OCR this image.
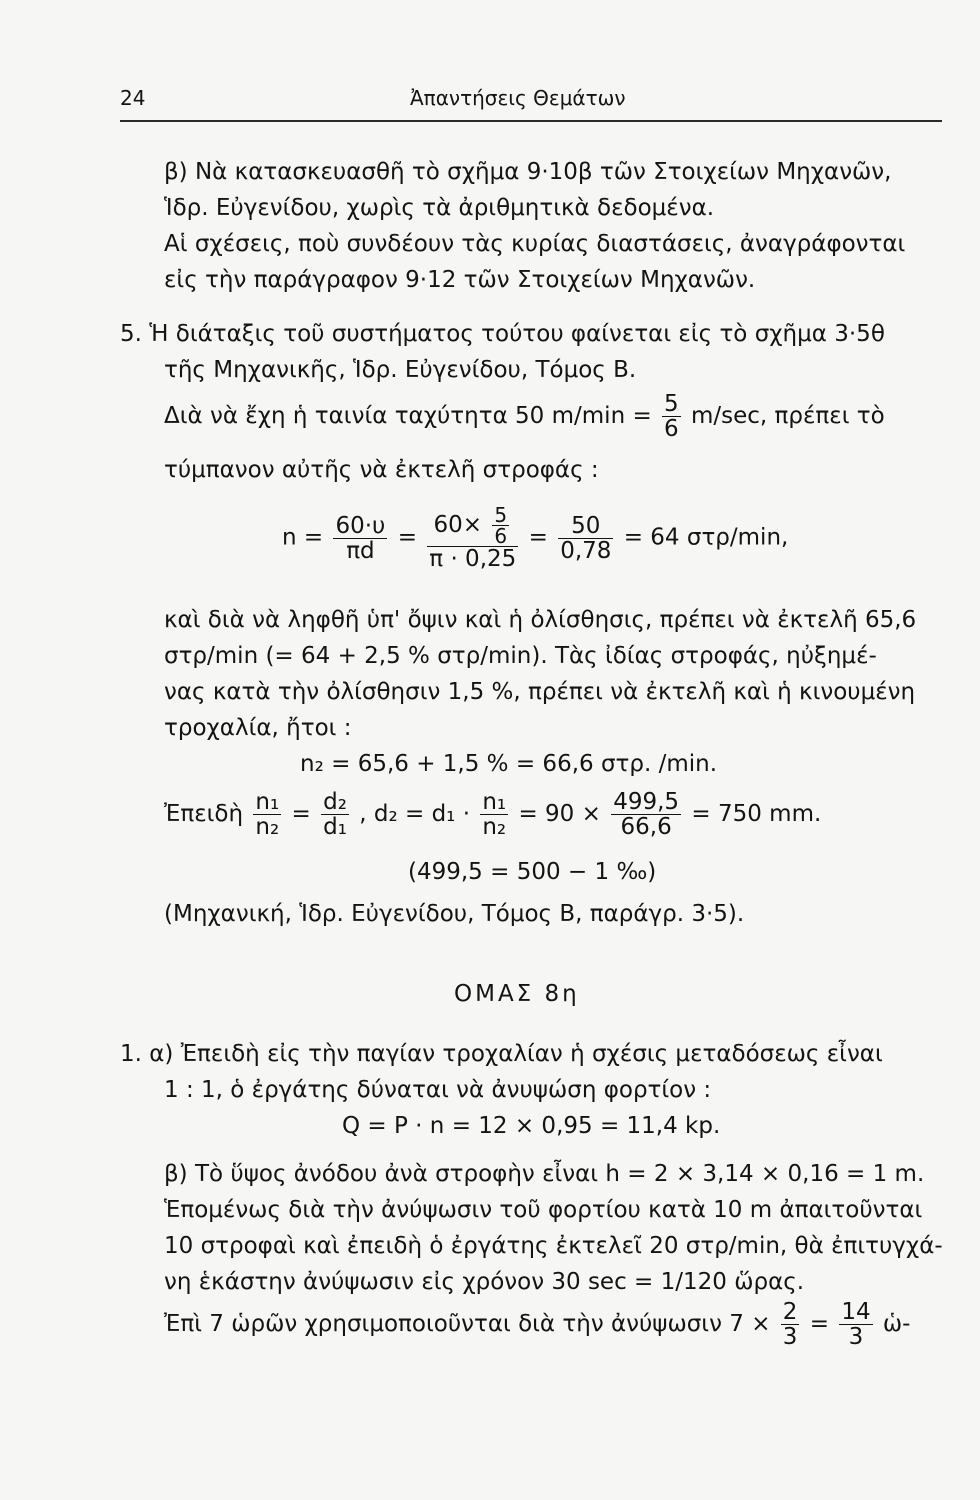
24	Ἀπαντήσεις Θεμάτων
β) Νὰ κατασκευασθῆ τὸ σχῆμα 9·10β τῶν Στοιχείων Μηχανῶν,
Ἱδρ. Εὐγενίδου, χωρὶς τὰ ἀριθμητικὰ δεδομένα.
Αἱ σχέσεις, ποὺ συνδέουν τὰς κυρίας διαστάσεις, ἀναγράφονται
εἰς τὴν παράγραφον 9·12 τῶν Στοιχείων Μηχανῶν.
5. Ἡ διάταξις τοῦ συστήματος τούτου φαίνεται εἰς τὸ σχῆμα 3·5θ
τῆς Μηχανικῆς, Ἱδρ. Εὐγενίδου, Τόμος Β.
Διὰ νὰ ἔχη ἡ ταινία ταχύτητα 50 $m/\min = \frac{5}{6} m/\sec$, πρέπει τὸ
τύμπανον αὐτῆς νὰ ἐκτελῆ στροφάς :
$n = \frac{60\cdot\upsilon}{\pi d} = \frac{60\times \frac{5}{6}}{\pi \cdot 0,25} = \frac{50}{0,78} = 64$ στρ/min,
καὶ διὰ νὰ ληφθῆ ὑπ' ὄψιν καὶ ἡ ὀλίσθησις, πρέπει νὰ ἐκτελῆ 65,6
στρ/min (= 64 + 2,5 % στρ/min). Τὰς ἰδίας στροφάς, ηὐξημέ-
νας κατὰ τὴν ὀλίσθησιν 1,5 %, πρέπει νὰ ἐκτελῆ καὶ ἡ κινουμένη
τροχαλία, ἤτοι :
n₂ = 65,6 + 1,5 % = 66,6 στρ. /min.
Ἐπειδὴ $\frac{\text{n₁}}{\text{n₂}} = \frac{\text{d₂}}{\text{d₁}}$ , $d_2 = d_1 \cdot \frac{\text{n₁}}{\text{n₂}} = 90 \times \frac{499,5}{66,6} = 750$ mm.
(499,5 = 500 − 1 ‰)
(Μηχανική, Ἱδρ. Εὐγενίδου, Τόμος Β, παράγρ. 3·5).
ΟΜΑΣ 8η
1. α) Ἐπειδὴ εἰς τὴν παγίαν τροχαλίαν ἡ σχέσις μεταδόσεως εἶναι
1 : 1, ὁ ἐργάτης δύναται νὰ ἀνυψώση φορτίον :
Q = P · n = 12 × 0,95 = 11,4 kp.
β) Τὸ ὕψος ἀνόδου ἀνὰ στροφὴν εἶναι h = 2 × 3,14 × 0,16 = 1 m.
Ἑπομένως διὰ τὴν ἀνύψωσιν τοῦ φορτίου κατὰ 10 m ἀπαιτοῦνται
10 στροφαὶ καὶ ἐπειδὴ ὁ ἐργάτης ἐκτελεῖ 20 στρ/min, θὰ ἐπιτυγχά-
νη ἑκάστην ἀνύψωσιν εἰς χρόνον 30 sec = 1/120 ὥρας.
Ἐπὶ 7 ὡρῶν χρησιμοποιοῦνται διὰ τὴν ἀνύψωσιν $7 \times \frac{2}{3} = \frac{14}{3}$ ὡ-
